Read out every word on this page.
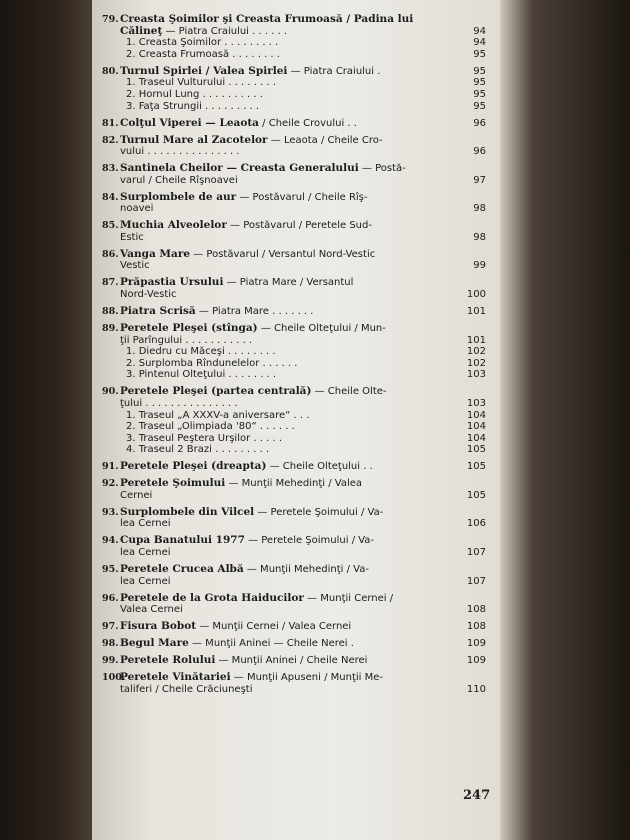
79. Creasta Şoimilor şi Creasta Frumoasă / Padina lui
Călineţ — Piatra Craiului . . . . . .	94
1. Creasta Şoimilor . . . . . . . . .	94
2. Creasta Frumoasă . . . . . . . .	95
80. Turnul Spirlei / Valea Spirlei — Piatra Craiului .	95
1. Traseul Vulturului . . . . . . . .	95
2. Hornul Lung . . . . . . . . . .	95
3. Faţa Strungii . . . . . . . . .	95
81. Colţul Viperei — Leaota / Cheile Crovului . .	96
82. Turnul Mare al Zacotelor — Leaota / Cheile Cro-
vului . . . . . . . . . . . . . . .	96
83. Santinela Cheilor — Creasta Generalului — Postă-
varul / Cheile Rîşnoavei	97
84. Surplombele de aur — Postăvarul / Cheile Rîş-
noavei	98
85. Muchia Alveolelor — Postăvarul / Peretele Sud-
Estic	98
86. Vanga Mare — Postăvarul / Versantul Nord-Vestic
Vestic	99
87. Prăpastia Ursului — Piatra Mare / Versantul
Nord-Vestic	100
88. Piatra Scrisă — Piatra Mare . . . . . . .	101
89. Peretele Pleşei (stînga) — Cheile Olteţului / Mun-
ţii Parîngului . . . . . . . . . . .	101
1. Diedru cu Măceşi . . . . . . . .	102
2. Surplomba Rîndunelelor . . . . . .	102
3. Pintenul Olteţului . . . . . . . .	103
90. Peretele Pleşei (partea centrală) — Cheile Olte-
ţului . . . . . . . . . . . . . . .	103
1. Traseul „A XXXV-a aniversare“ . . .	104
2. Traseul „Olimpiada '80“ . . . . . .	104
3. Traseul Peştera Urşilor . . . . .	104
4. Traseul 2 Brazi . . . . . . . . .	105
91. Peretele Pleşei (dreapta) — Cheile Olteţului . .	105
92. Peretele Şoimului — Munţii Mehedinţi / Valea
Cernei	105
93. Surplombele din Vilcel — Peretele Şoimului / Va-
lea Cernei	106
94. Cupa Banatului 1977 — Peretele Şoimului / Va-
lea Cernei	107
95. Peretele Crucea Albă — Munţii Mehedinţi / Va-
lea Cernei	107
96. Peretele de la Grota Haiducilor — Munţii Cernei /
Valea Cernei	108
97. Fisura Bobot — Munţii Cernei / Valea Cernei	108
98. Begul Mare — Munţii Aninei — Cheile Nerei .	109
99. Peretele Rolului — Munţii Aninei / Cheile Nerei	109
100.
Peretele Vinătariei — Munţii Apuseni / Munţii Me-
taliferi / Cheile Crăciuneşti	110
247
